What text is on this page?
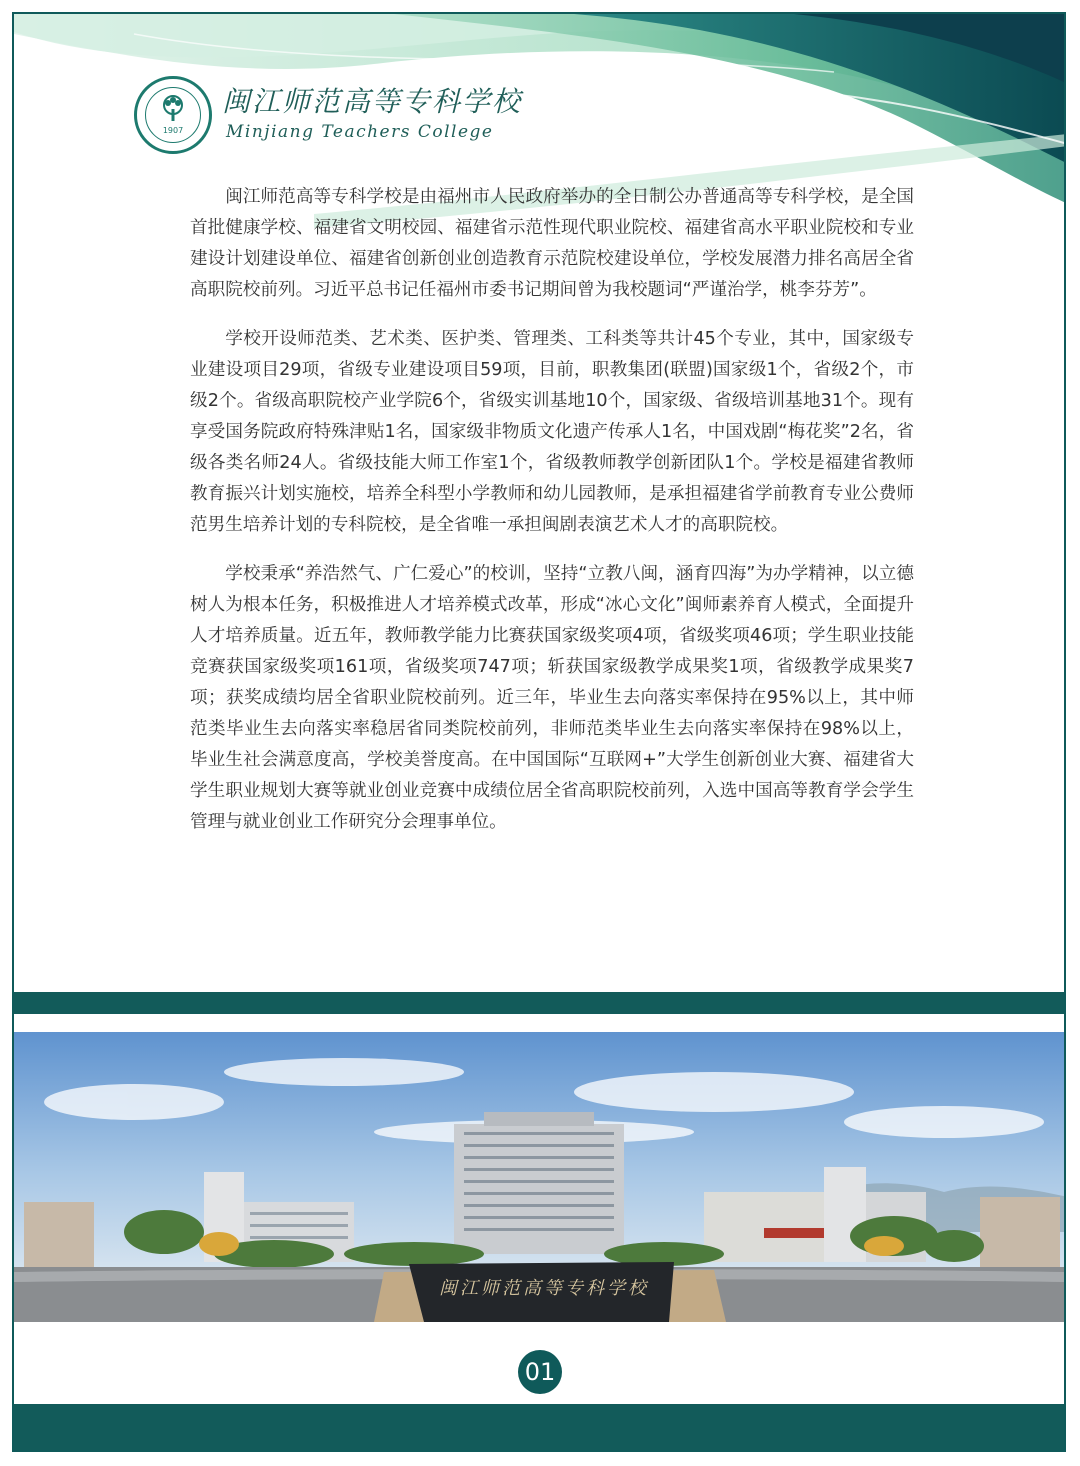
1907
闽江师范高等专科学校
Minjiang Teachers College	学校概况

闽江师范高等专科学校是由福州市人民政府举办的全日制公办普通高等专科学校，是全国首批健康学校、福建省文明校园、福建省示范性现代职业院校、福建省高水平职业院校和专业建设计划建设单位、福建省创新创业创造教育示范院校建设单位，学校发展潜力排名高居全省高职院校前列。习近平总书记任福州市委书记期间曾为我校题词“严谨治学，桃李芬芳”。

学校开设师范类、艺术类、医护类、管理类、工科类等共计45个专业，其中，国家级专业建设项目29项，省级专业建设项目59项，目前，职教集团(联盟)国家级1个，省级2个，市级2个。省级高职院校产业学院6个，省级实训基地10个，国家级、省级培训基地31个。现有享受国务院政府特殊津贴1名，国家级非物质文化遗产传承人1名，中国戏剧“梅花奖”2名，省级各类名师24人。省级技能大师工作室1个，省级教师教学创新团队1个。学校是福建省教师教育振兴计划实施校，培养全科型小学教师和幼儿园教师，是承担福建省学前教育专业公费师范男生培养计划的专科院校，是全省唯一承担闽剧表演艺术人才的高职院校。

学校秉承“养浩然气、广仁爱心”的校训，坚持“立教八闽，涵育四海”为办学精神，以立德树人为根本任务，积极推进人才培养模式改革，形成“冰心文化”闽师素养育人模式，全面提升人才培养质量。近五年，教师教学能力比赛获国家级奖项4项，省级奖项46项；学生职业技能竞赛获国家级奖项161项，省级奖项747项；斩获国家级教学成果奖1项，省级教学成果奖7项；获奖成绩均居全省职业院校前列。近三年，毕业生去向落实率保持在95%以上，其中师范类毕业生去向落实率稳居省同类院校前列，非师范类毕业生去向落实率保持在98%以上，毕业生社会满意度高，学校美誉度高。在中国国际“互联网+”大学生创新创业大赛、福建省大学生职业规划大赛等就业创业竞赛中成绩位居全省高职院校前列，入选中国高等教育学会学生管理与就业创业工作研究分会理事单位。

闽江师范高等专科学校
01
